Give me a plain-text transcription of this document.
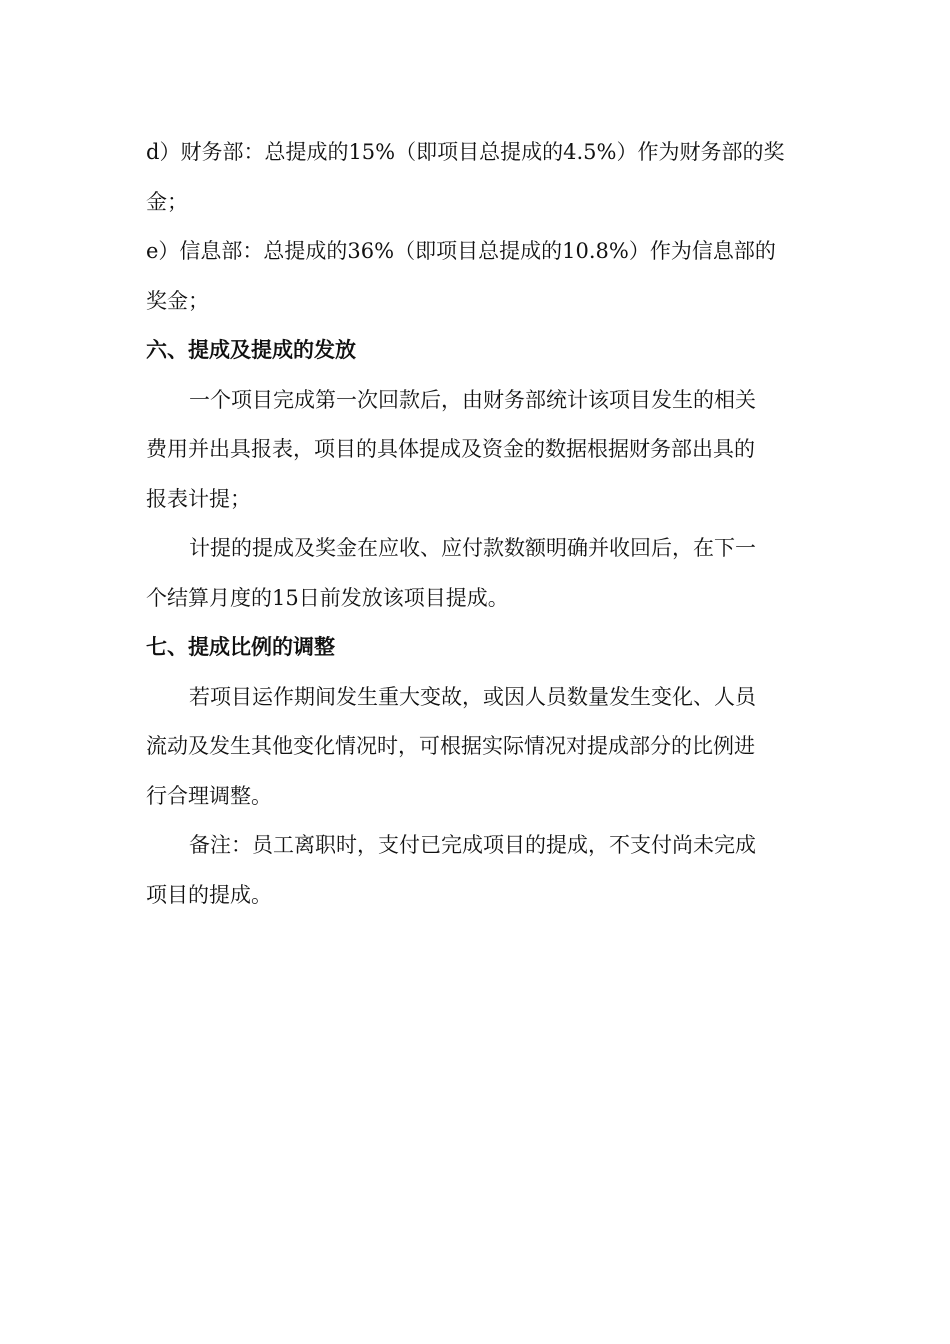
d）财务部：总提成的15%（即项目总提成的4.5%）作为财务部的奖

金；

e）信息部：总提成的36%（即项目总提成的10.8%）作为信息部的

奖金；

六、提成及提成的发放

一个项目完成第一次回款后，由财务部统计该项目发生的相关

费用并出具报表，项目的具体提成及资金的数据根据财务部出具的

报表计提；

计提的提成及奖金在应收、应付款数额明确并收回后，在下一

个结算月度的15日前发放该项目提成。

七、提成比例的调整

若项目运作期间发生重大变故，或因人员数量发生变化、人员

流动及发生其他变化情况时，可根据实际情况对提成部分的比例进

行合理调整。

备注：员工离职时，支付已完成项目的提成，不支付尚未完成

项目的提成。
